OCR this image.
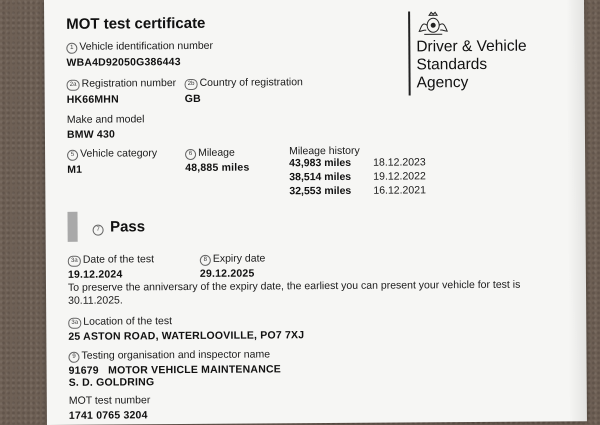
MOT test certificate
1 Vehicle identification number
WBA4D92050G386443
2a Registration number
HK66MHN
2b Country of registration
GB
Make and model
BMW 430
5 Vehicle category
M1
6 Mileage
48,885 miles
Mileage history
43,983 miles	18.12.2023
38,514 miles	19.12.2022
32,553 miles	16.12.2021
7 Pass
3a Date of the test
19.12.2024
8 Expiry date
29.12.2025
To preserve the anniversary of the expiry date, the earliest you can present your vehicle for test is 30.11.2025.
3a Location of the test
25 ASTON ROAD, WATERLOOVILLE, PO7 7XJ
9 Testing organisation and inspector name
91679   MOTOR VEHICLE MAINTENANCE
S. D. GOLDRING
MOT test number
1741 0765 3204
Driver & Vehicle
Standards
Agency
